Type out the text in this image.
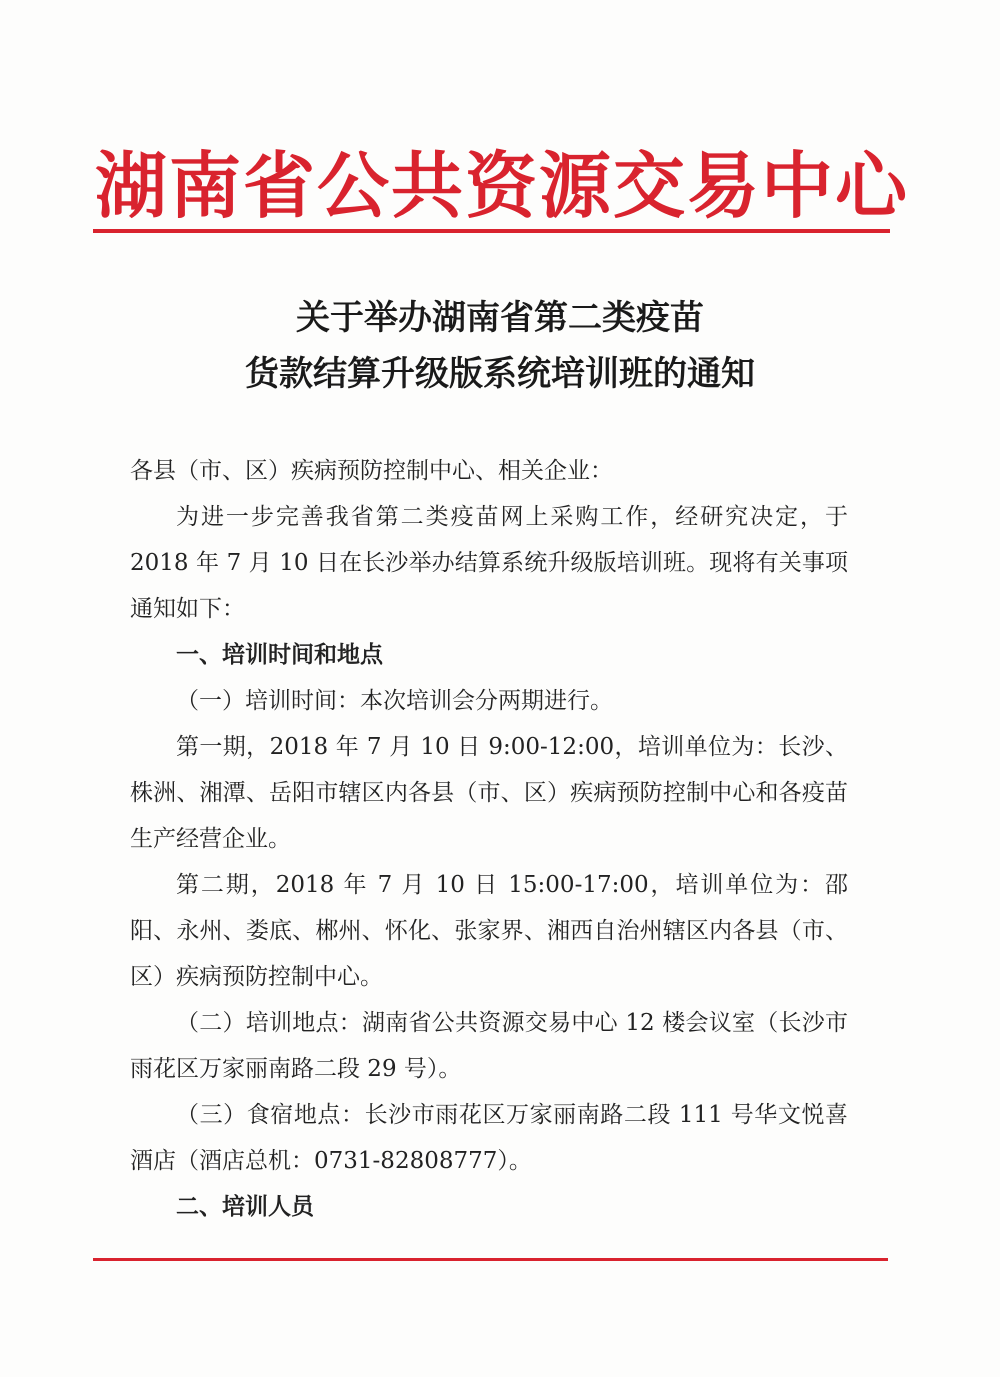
湖南省公共资源交易中心
关于举办湖南省第二类疫苗
货款结算升级版系统培训班的通知

各县（市、区）疾病预防控制中心、相关企业：

为进一步完善我省第二类疫苗网上采购工作，经研究决定，于 2018 年 7 月 10 日在长沙举办结算系统升级版培训班。现将有关事项通知如下：

一、培训时间和地点

（一）培训时间：本次培训会分两期进行。

第一期，2018 年 7 月 10 日 9:00-12:00，培训单位为：长沙、株洲、湘潭、岳阳市辖区内各县（市、区）疾病预防控制中心和各疫苗生产经营企业。

第二期，2018 年 7 月 10 日 15:00-17:00，培训单位为：邵阳、永州、娄底、郴州、怀化、张家界、湘西自治州辖区内各县（市、区）疾病预防控制中心。

（二）培训地点：湖南省公共资源交易中心 12 楼会议室（长沙市雨花区万家丽南路二段 29 号）。

（三）食宿地点：长沙市雨花区万家丽南路二段 111 号华文悦喜酒店（酒店总机：0731-82808777）。

二、培训人员
